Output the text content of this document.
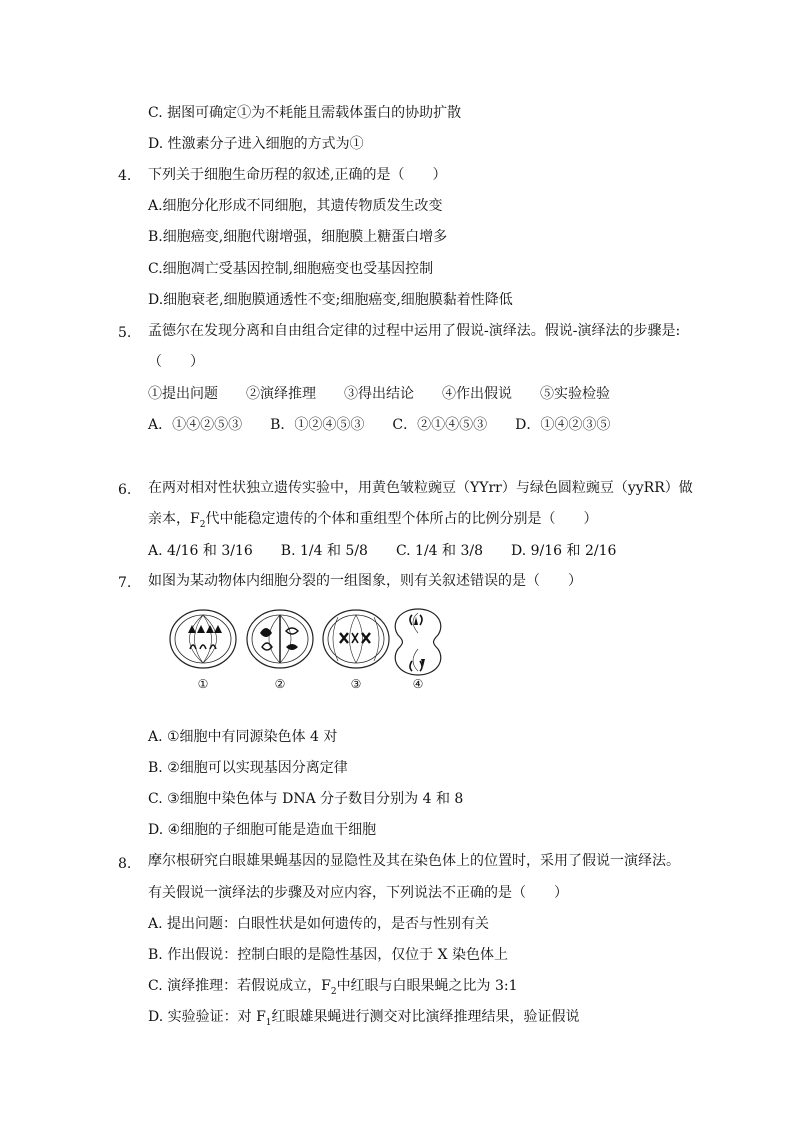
C. 据图可确定①为不耗能且需载体蛋白的协助扩散
D. 性激素分子进入细胞的方式为①
4.	下列关于细胞生命历程的叙述,正确的是（　　）
A.细胞分化形成不同细胞，其遗传物质发生改变
B.细胞癌变,细胞代谢增强，细胞膜上糖蛋白增多
C.细胞凋亡受基因控制,细胞癌变也受基因控制
D.细胞衰老,细胞膜通透性不变;细胞癌变,细胞膜黏着性降低
5.	孟德尔在发现分离和自由组合定律的过程中运用了假说-演绎法。假说-演绎法的步骤是:
（　　）
①提出问题　　②演绎推理　　③得出结论　　④作出假说　　⑤实验检验
A．①④②⑤③　　B．①②④⑤③　　C．②①④⑤③　　D．①④②③⑤
6.	在两对相对性状独立遗传实验中，用黄色皱粒豌豆（YYrr）与绿色圆粒豌豆（yyRR）做
亲本，$F_2$代中能稳定遗传的个体和重组型个体所占的比例分别是（　　）
A. 4/16 和 3/16　　B. 1/4 和 5/8　　C. 1/4 和 3/8　　D. 9/16 和 2/16
7.	如图为某动物体内细胞分裂的一组图象，则有关叙述错误的是（　　）
①	②	③	④
A. ①细胞中有同源染色体 4 对
B. ②细胞可以实现基因分离定律
C. ③细胞中染色体与 DNA 分子数目分别为 4 和 8
D. ④细胞的子细胞可能是造血干细胞
8.	摩尔根研究白眼雄果蝇基因的显隐性及其在染色体上的位置时，采用了假说一演绎法。
有关假说一演绎法的步骤及对应内容，下列说法不正确的是（　　）
A. 提出问题：白眼性状是如何遗传的，是否与性别有关
B. 作出假说：控制白眼的是隐性基因，仅位于 X 染色体上
C. 演绎推理：若假说成立，$F_2$中红眼与白眼果蝇之比为 3:1
D. 实验验证：对 $F_1$红眼雄果蝇进行测交对比演绎推理结果，验证假说
